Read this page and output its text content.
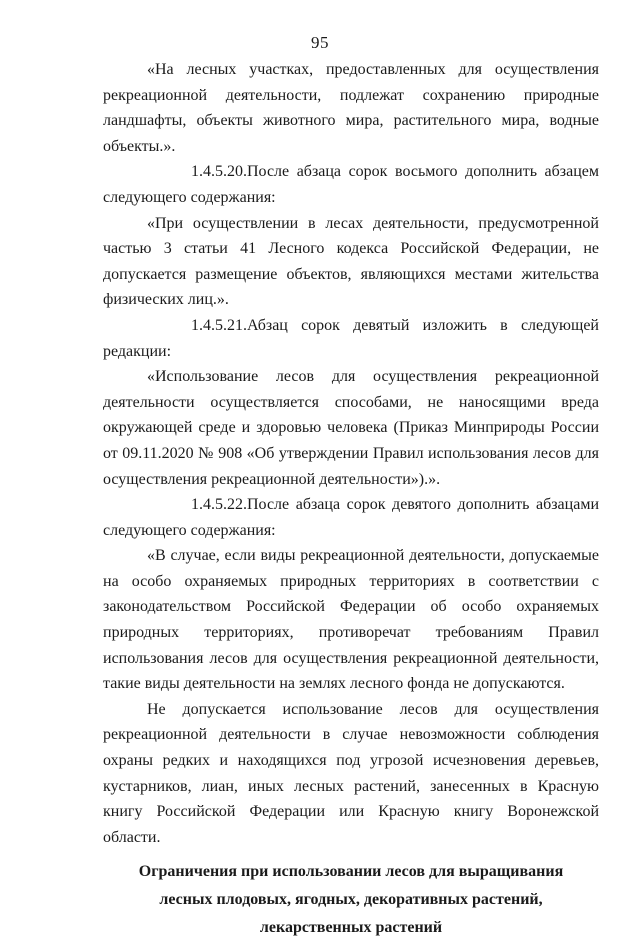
95

«На лесных участках, предоставленных для осуществления рекреационной деятельности, подлежат сохранению природные ландшафты, объекты животного мира, растительного мира, водные объекты.».

1.4.5.20.После абзаца сорок восьмого дополнить абзацем следующего содержания:

«При осуществлении в лесах деятельности, предусмотренной частью 3 статьи 41 Лесного кодекса Российской Федерации, не допускается размещение объектов, являющихся местами жительства физических лиц.».

1.4.5.21.Абзац сорок девятый изложить в следующей редакции:

«Использование лесов для осуществления рекреационной деятельности осуществляется способами, не наносящими вреда окружающей среде и здоровью человека (Приказ Минприроды России от 09.11.2020 № 908 «Об утверждении Правил использования лесов для осуществления рекреационной деятельности»).».

1.4.5.22.После абзаца сорок девятого дополнить абзацами следующего содержания:

«В случае, если виды рекреационной деятельности, допускаемые на особо охраняемых природных территориях в соответствии с законодательством Российской Федерации об особо охраняемых природных территориях, противоречат требованиям Правил использования лесов для осуществления рекреационной деятельности, такие виды деятельности на землях лесного фонда не допускаются.

Не допускается использование лесов для осуществления рекреационной деятельности в случае невозможности соблюдения охраны редких и находящихся под угрозой исчезновения деревьев, кустарников, лиан, иных лесных растений, занесенных в Красную книгу Российской Федерации или Красную книгу Воронежской области.

Ограничения при использовании лесов для выращивания
лесных плодовых, ягодных, декоративных растений,
лекарственных растений
